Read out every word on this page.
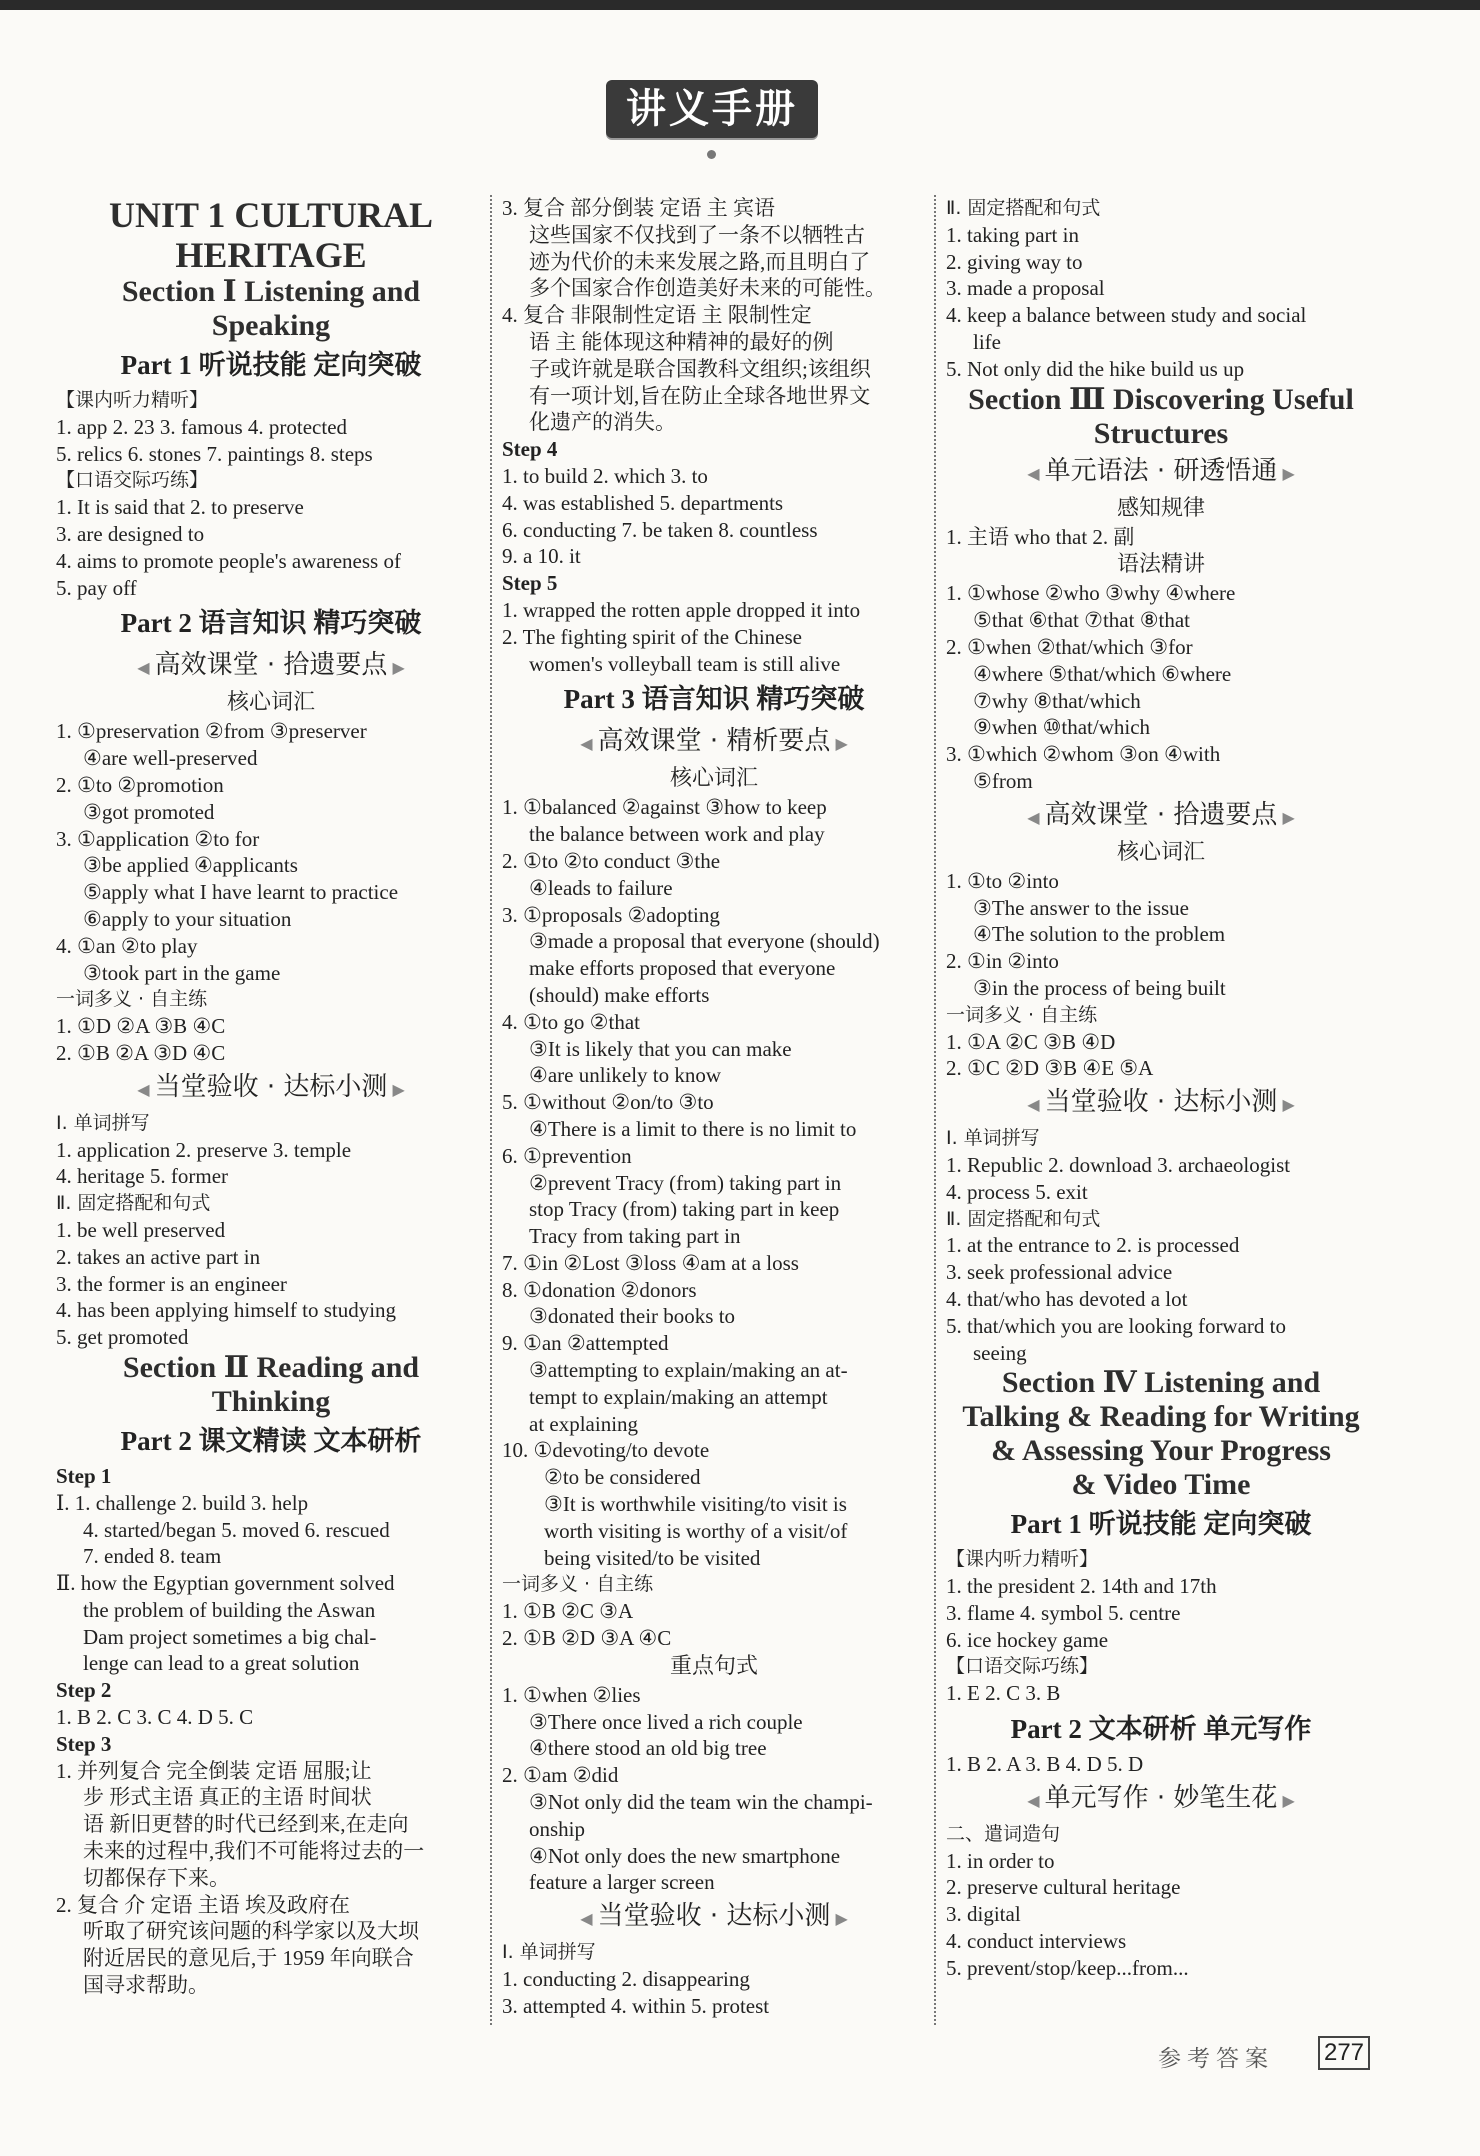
讲义手册
UNIT 1 CULTURAL
HERITAGE
Section Ⅰ Listening and
Speaking
Part 1 听说技能 定向突破
【课内听力精听】
1. app 2. 23 3. famous 4. protected
5. relics 6. stones 7. paintings 8. steps
【口语交际巧练】
1. It is said that 2. to preserve
3. are designed to
4. aims to promote people's awareness of
5. pay off
Part 2 语言知识 精巧突破
◀ 高效课堂 · 拾遗要点 ▶
核心词汇
1. ①preservation ②from ③preserver
④are well-preserved
2. ①to ②promotion
③got promoted
3. ①application ②to for
③be applied ④applicants
⑤apply what I have learnt to practice
⑥apply to your situation
4. ①an ②to play
③took part in the game
一词多义 · 自主练
1. ①D ②A ③B ④C
2. ①B ②A ③D ④C
◀ 当堂验收 · 达标小测 ▶
Ⅰ. 单词拼写
1. application 2. preserve 3. temple
4. heritage 5. former
Ⅱ. 固定搭配和句式
1. be well preserved
2. takes an active part in
3. the former is an engineer
4. has been applying himself to studying
5. get promoted
Section Ⅱ Reading and
Thinking
Part 2 课文精读 文本研析
Step 1
Ⅰ. 1. challenge 2. build 3. help
4. started/began 5. moved 6. rescued
7. ended 8. team
Ⅱ. how the Egyptian government solved
the problem of building the Aswan
Dam project sometimes a big chal-
lenge can lead to a great solution
Step 2
1. B 2. C 3. C 4. D 5. C
Step 3
1. 并列复合 完全倒装 定语 屈服;让
步 形式主语 真正的主语 时间状
语 新旧更替的时代已经到来,在走向
未来的过程中,我们不可能将过去的一
切都保存下来。
2. 复合 介 定语 主语 埃及政府在
听取了研究该问题的科学家以及大坝
附近居民的意见后,于 1959 年向联合
国寻求帮助。
3. 复合 部分倒装 定语 主 宾语
这些国家不仅找到了一条不以牺牲古
迹为代价的未来发展之路,而且明白了
多个国家合作创造美好未来的可能性。
4. 复合 非限制性定语 主 限制性定
语 主 能体现这种精神的最好的例
子或许就是联合国教科文组织;该组织
有一项计划,旨在防止全球各地世界文
化遗产的消失。
Step 4
1. to build 2. which 3. to
4. was established 5. departments
6. conducting 7. be taken 8. countless
9. a 10. it
Step 5
1. wrapped the rotten apple dropped it into
2. The fighting spirit of the Chinese
women's volleyball team is still alive
Part 3 语言知识 精巧突破
◀ 高效课堂 · 精析要点 ▶
核心词汇
1. ①balanced ②against ③how to keep
the balance between work and play
2. ①to ②to conduct ③the
④leads to failure
3. ①proposals ②adopting
③made a proposal that everyone (should)
make efforts proposed that everyone
(should) make efforts
4. ①to go ②that
③It is likely that you can make
④are unlikely to know
5. ①without ②on/to ③to
④There is a limit to there is no limit to
6. ①prevention
②prevent Tracy (from) taking part in
stop Tracy (from) taking part in keep
Tracy from taking part in
7. ①in ②Lost ③loss ④am at a loss
8. ①donation ②donors
③donated their books to
9. ①an ②attempted
③attempting to explain/making an at-
tempt to explain/making an attempt
at explaining
10. ①devoting/to devote
②to be considered
③It is worthwhile visiting/to visit is
worth visiting is worthy of a visit/of
being visited/to be visited
一词多义 · 自主练
1. ①B ②C ③A
2. ①B ②D ③A ④C
重点句式
1. ①when ②lies
③There once lived a rich couple
④there stood an old big tree
2. ①am ②did
③Not only did the team win the champi-
onship
④Not only does the new smartphone
feature a larger screen
◀ 当堂验收 · 达标小测 ▶
Ⅰ. 单词拼写
1. conducting 2. disappearing
3. attempted 4. within 5. protest
Ⅱ. 固定搭配和句式
1. taking part in
2. giving way to
3. made a proposal
4. keep a balance between study and social
life
5. Not only did the hike build us up
Section Ⅲ Discovering Useful
Structures
◀ 单元语法 · 研透悟通 ▶
感知规律
1. 主语 who that 2. 副
语法精讲
1. ①whose ②who ③why ④where
⑤that ⑥that ⑦that ⑧that
2. ①when ②that/which ③for
④where ⑤that/which ⑥where
⑦why ⑧that/which
⑨when ⑩that/which
3. ①which ②whom ③on ④with
⑤from
◀ 高效课堂 · 拾遗要点 ▶
核心词汇
1. ①to ②into
③The answer to the issue
④The solution to the problem
2. ①in ②into
③in the process of being built
一词多义 · 自主练
1. ①A ②C ③B ④D
2. ①C ②D ③B ④E ⑤A
◀ 当堂验收 · 达标小测 ▶
Ⅰ. 单词拼写
1. Republic 2. download 3. archaeologist
4. process 5. exit
Ⅱ. 固定搭配和句式
1. at the entrance to 2. is processed
3. seek professional advice
4. that/who has devoted a lot
5. that/which you are looking forward to
seeing
Section Ⅳ Listening and
Talking & Reading for Writing
& Assessing Your Progress
& Video Time
Part 1 听说技能 定向突破
【课内听力精听】
1. the president 2. 14th and 17th
3. flame 4. symbol 5. centre
6. ice hockey game
【口语交际巧练】
1. E 2. C 3. B
Part 2 文本研析 单元写作
1. B 2. A 3. B 4. D 5. D
◀ 单元写作 · 妙笔生花 ▶
二、遣词造句
1. in order to
2. preserve cultural heritage
3. digital
4. conduct interviews
5. prevent/stop/keep...from...
参考答案 277
